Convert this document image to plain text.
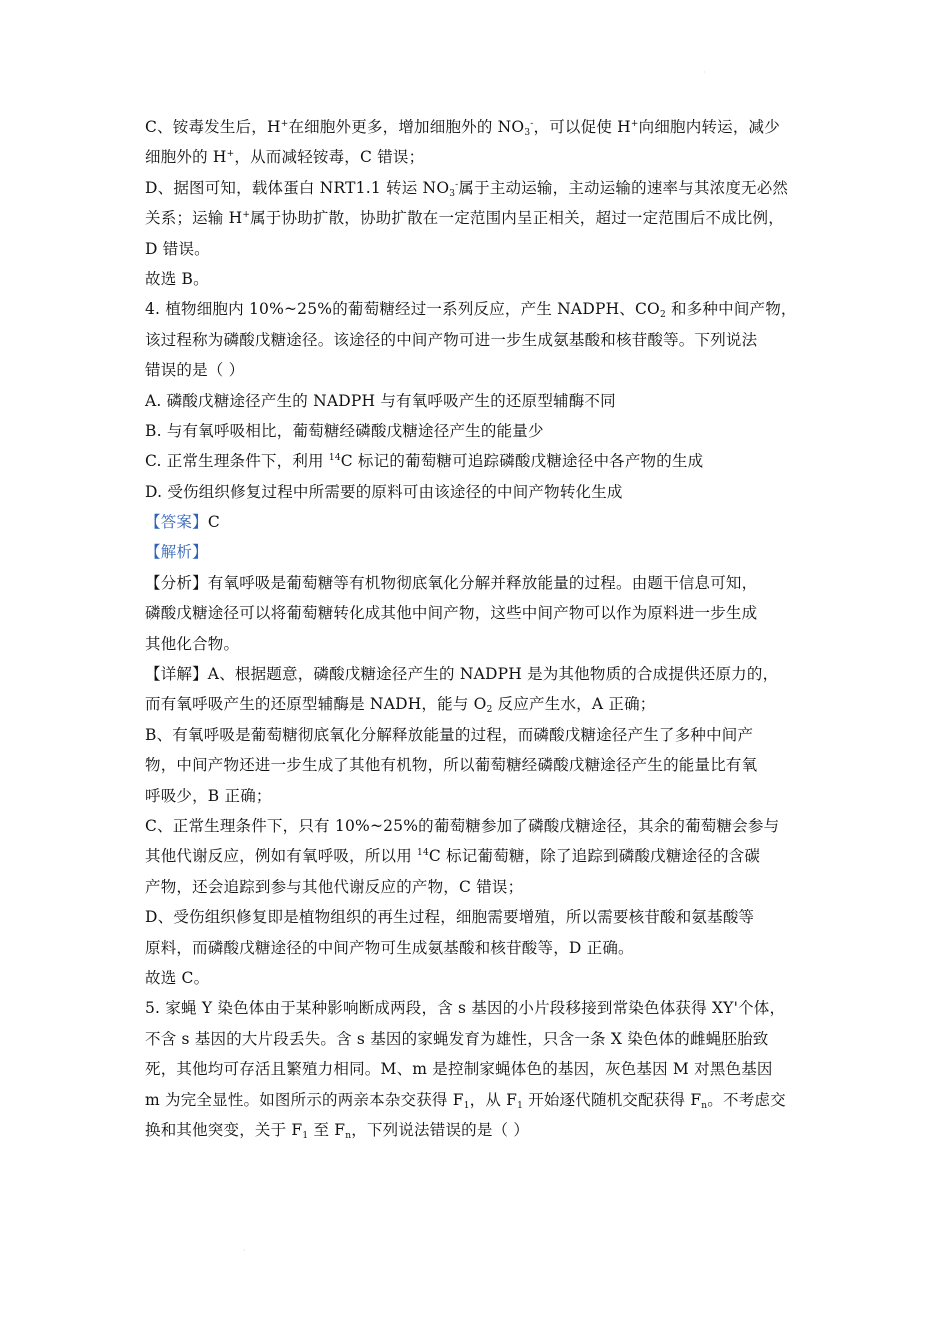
·
·
C、铵毒发生后，H+在细胞外更多，增加细胞外的 $NO_3^-$，可以促使 H+向细胞内转运，减少
细胞外的 H+，从而减轻铵毒，C 错误；
D、据图可知，载体蛋白 NRT1.1 转运 $NO_3^-$属于主动运输，主动运输的速率与其浓度无必然
关系；运输 H+属于协助扩散，协助扩散在一定范围内呈正相关，超过一定范围后不成比例，
D 错误。
故选 B。
4. 植物细胞内 10%~25%的葡萄糖经过一系列反应，产生 NADPH、$CO_2$ 和多种中间产物，
该过程称为磷酸戊糖途径。该途径的中间产物可进一步生成氨基酸和核苷酸等。下列说法
错误的是（ ）
A. 磷酸戊糖途径产生的 NADPH 与有氧呼吸产生的还原型辅酶不同
B. 与有氧呼吸相比，葡萄糖经磷酸戊糖途径产生的能量少
C. 正常生理条件下，利用 $^{14}$C 标记的葡萄糖可追踪磷酸戊糖途径中各产物的生成
D. 受伤组织修复过程中所需要的原料可由该途径的中间产物转化生成
【答案】C
【解析】
【分析】有氧呼吸是葡萄糖等有机物彻底氧化分解并释放能量的过程。由题干信息可知，
磷酸戊糖途径可以将葡萄糖转化成其他中间产物，这些中间产物可以作为原料进一步生成
其他化合物。
【详解】A、根据题意，磷酸戊糖途径产生的 NADPH 是为其他物质的合成提供还原力的，
而有氧呼吸产生的还原型辅酶是 NADH，能与 $O_2$ 反应产生水，A 正确；
B、有氧呼吸是葡萄糖彻底氧化分解释放能量的过程，而磷酸戊糖途径产生了多种中间产
物，中间产物还进一步生成了其他有机物，所以葡萄糖经磷酸戊糖途径产生的能量比有氧
呼吸少，B 正确；
C、正常生理条件下，只有 10%~25%的葡萄糖参加了磷酸戊糖途径，其余的葡萄糖会参与
其他代谢反应，例如有氧呼吸，所以用 $^{14}$C 标记葡萄糖，除了追踪到磷酸戊糖途径的含碳
产物，还会追踪到参与其他代谢反应的产物，C 错误；
D、受伤组织修复即是植物组织的再生过程，细胞需要增殖，所以需要核苷酸和氨基酸等
原料，而磷酸戊糖途径的中间产物可生成氨基酸和核苷酸等，D 正确。
故选 C。
5. 家蝇 Y 染色体由于某种影响断成两段，含 s 基因的小片段移接到常染色体获得 XY'个体，
不含 s 基因的大片段丢失。含 s 基因的家蝇发育为雄性，只含一条 X 染色体的雌蝇胚胎致
死，其他均可存活且繁殖力相同。M、m 是控制家蝇体色的基因，灰色基因 M 对黑色基因
m 为完全显性。如图所示的两亲本杂交获得 $F_1$，从 $F_1$ 开始逐代随机交配获得 $F_n$。不考虑交
换和其他突变，关于 $F_1$ 至 $F_n$，下列说法错误的是（ ）
